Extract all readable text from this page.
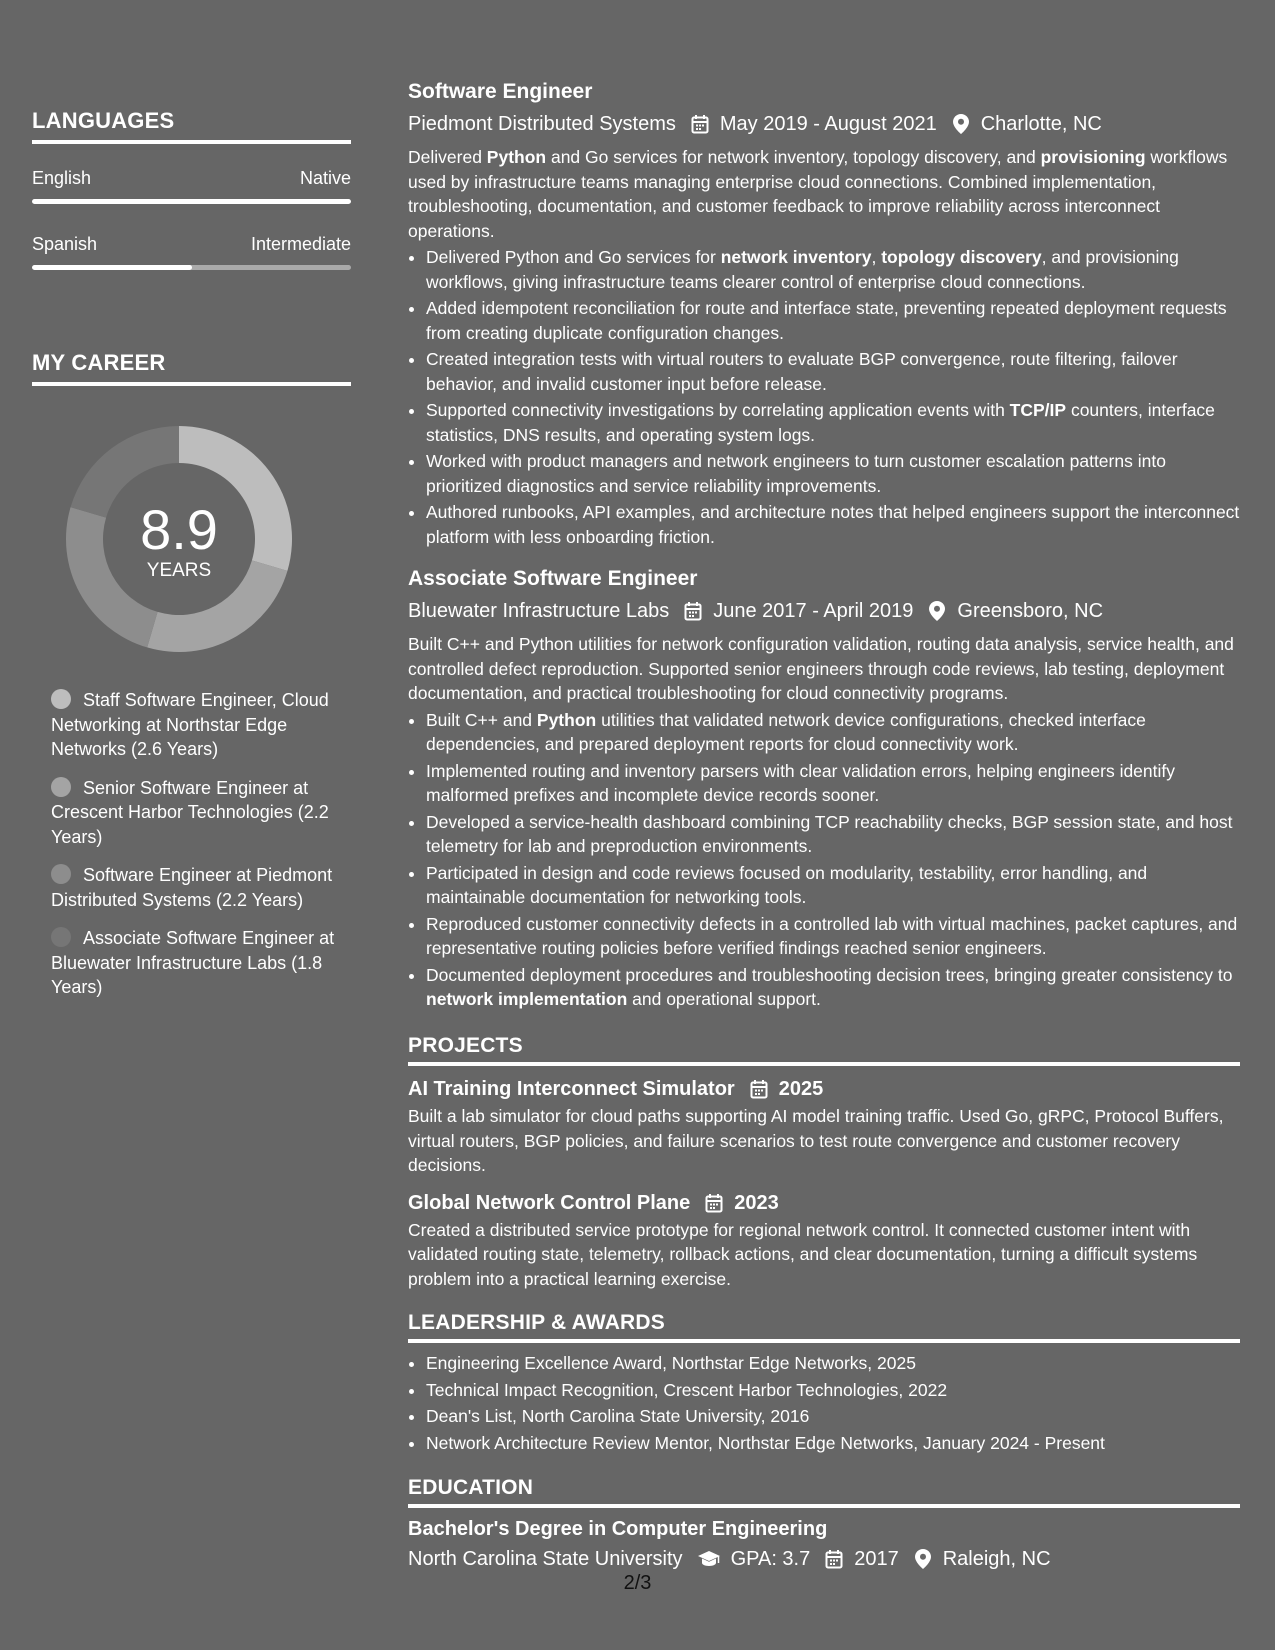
LANGUAGES
English	Native
Spanish	Intermediate
MY CAREER
8.9
YEARS
Staff Software Engineer, Cloud Networking at Northstar Edge Networks (2.6 Years)
Senior Software Engineer at Crescent Harbor Technologies (2.2 Years)
Software Engineer at Piedmont Distributed Systems (2.2 Years)
Associate Software Engineer at Bluewater Infrastructure Labs (1.8 Years)
Software Engineer
Piedmont Distributed Systems May 2019 - August 2021 Charlotte, NC
Delivered Python and Go services for network inventory, topology discovery, and provisioning workflows used by infrastructure teams managing enterprise cloud connections. Combined implementation, troubleshooting, documentation, and customer feedback to improve reliability across interconnect operations.
• Delivered Python and Go services for network inventory, topology discovery, and provisioning workflows, giving infrastructure teams clearer control of enterprise cloud connections.
• Added idempotent reconciliation for route and interface state, preventing repeated deployment requests from creating duplicate configuration changes.
• Created integration tests with virtual routers to evaluate BGP convergence, route filtering, failover behavior, and invalid customer input before release.
• Supported connectivity investigations by correlating application events with TCP/IP counters, interface statistics, DNS results, and operating system logs.
• Worked with product managers and network engineers to turn customer escalation patterns into prioritized diagnostics and service reliability improvements.
• Authored runbooks, API examples, and architecture notes that helped engineers support the interconnect platform with less onboarding friction.
Associate Software Engineer
Bluewater Infrastructure Labs June 2017 - April 2019 Greensboro, NC
Built C++ and Python utilities for network configuration validation, routing data analysis, service health, and controlled defect reproduction. Supported senior engineers through code reviews, lab testing, deployment documentation, and practical troubleshooting for cloud connectivity programs.
• Built C++ and Python utilities that validated network device configurations, checked interface dependencies, and prepared deployment reports for cloud connectivity work.
• Implemented routing and inventory parsers with clear validation errors, helping engineers identify malformed prefixes and incomplete device records sooner.
• Developed a service-health dashboard combining TCP reachability checks, BGP session state, and host telemetry for lab and preproduction environments.
• Participated in design and code reviews focused on modularity, testability, error handling, and maintainable documentation for networking tools.
• Reproduced customer connectivity defects in a controlled lab with virtual machines, packet captures, and representative routing policies before verified findings reached senior engineers.
• Documented deployment procedures and troubleshooting decision trees, bringing greater consistency to network implementation and operational support.
PROJECTS
AI Training Interconnect Simulator 2025
Built a lab simulator for cloud paths supporting AI model training traffic. Used Go, gRPC, Protocol Buffers, virtual routers, BGP policies, and failure scenarios to test route convergence and customer recovery decisions.
Global Network Control Plane 2023
Created a distributed service prototype for regional network control. It connected customer intent with validated routing state, telemetry, rollback actions, and clear documentation, turning a difficult systems problem into a practical learning exercise.
LEADERSHIP & AWARDS
• Engineering Excellence Award, Northstar Edge Networks, 2025
• Technical Impact Recognition, Crescent Harbor Technologies, 2022
• Dean's List, North Carolina State University, 2016
• Network Architecture Review Mentor, Northstar Edge Networks, January 2024 - Present
EDUCATION
Bachelor's Degree in Computer Engineering
North Carolina State University GPA: 3.7 2017 Raleigh, NC
2/3
